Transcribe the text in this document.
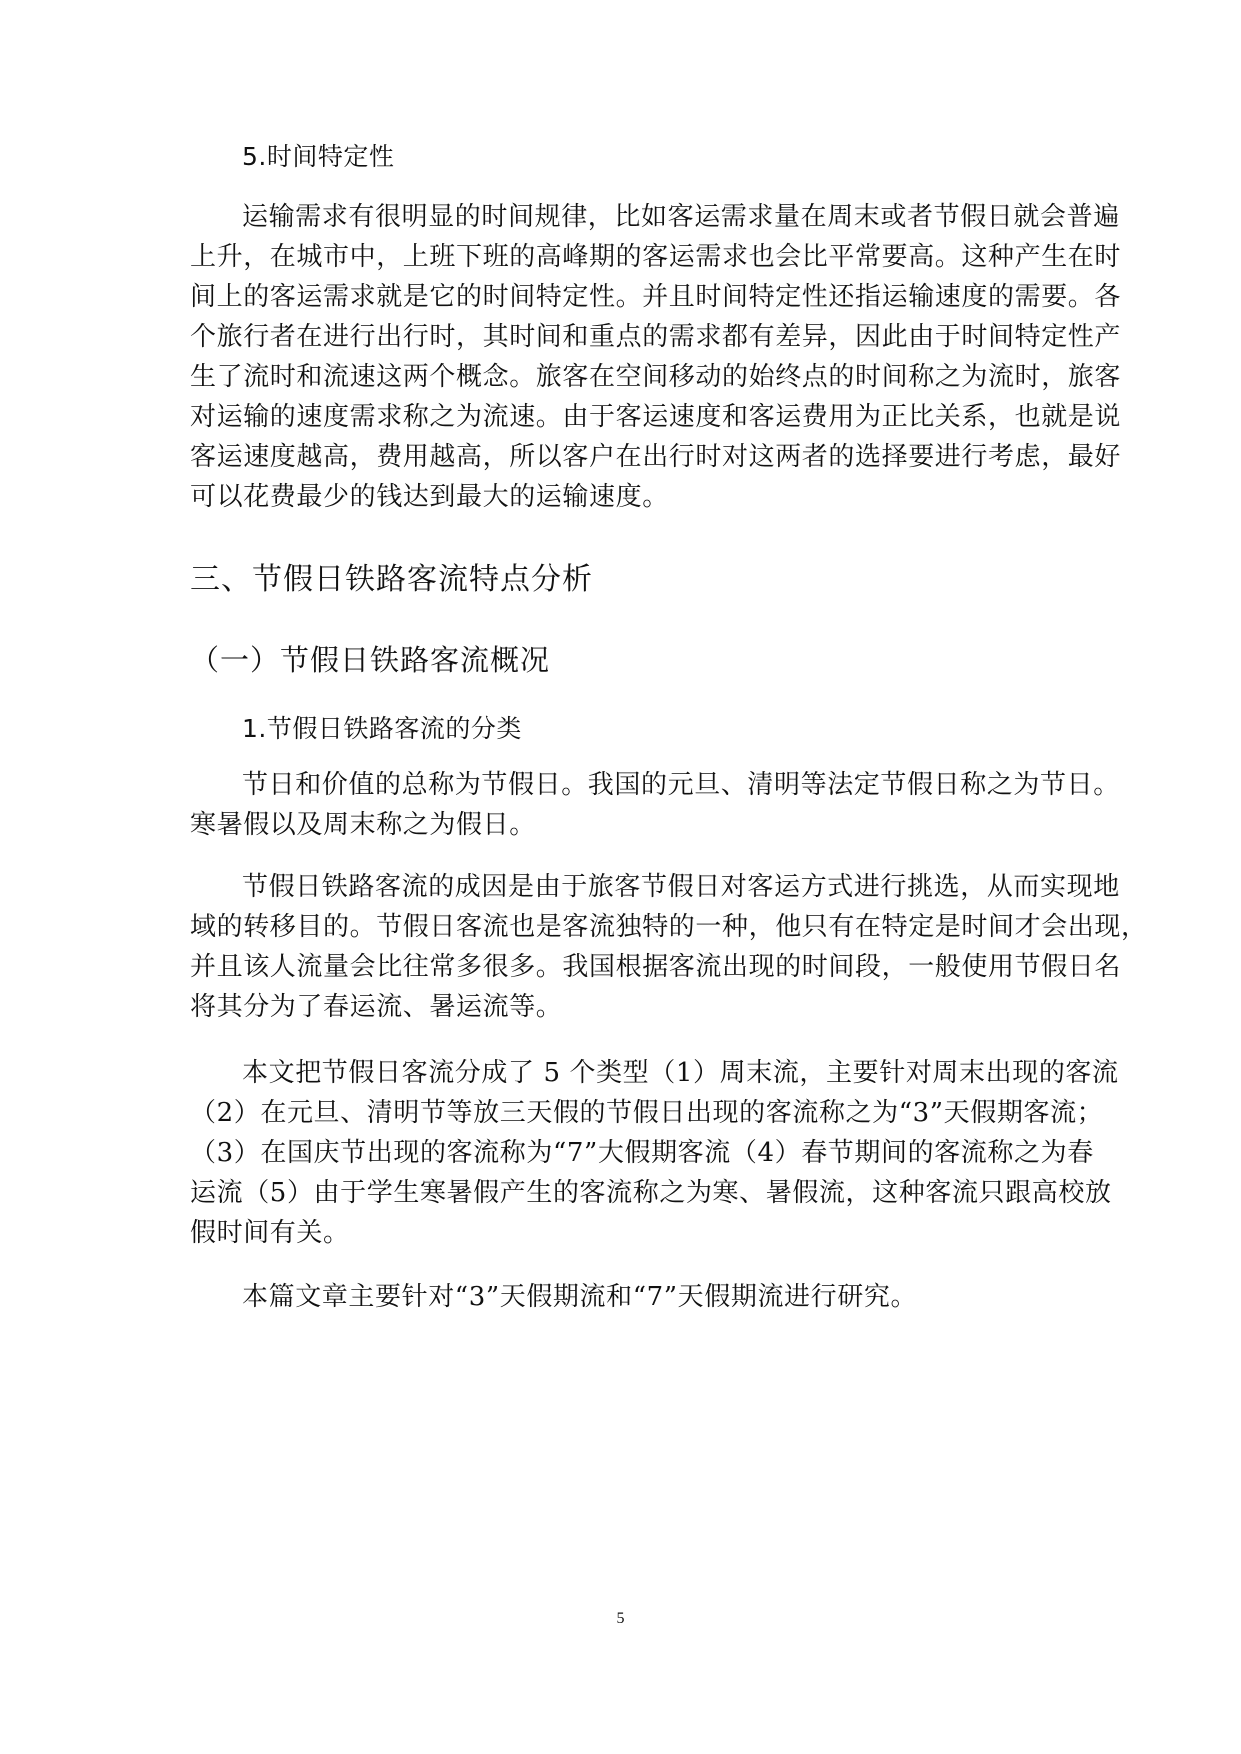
5.时间特定性
运输需求有很明显的时间规律，比如客运需求量在周末或者节假日就会普遍
上升，在城市中，上班下班的高峰期的客运需求也会比平常要高。这种产生在时
间上的客运需求就是它的时间特定性。并且时间特定性还指运输速度的需要。各
个旅行者在进行出行时，其时间和重点的需求都有差异，因此由于时间特定性产
生了流时和流速这两个概念。旅客在空间移动的始终点的时间称之为流时，旅客
对运输的速度需求称之为流速。由于客运速度和客运费用为正比关系，也就是说
客运速度越高，费用越高，所以客户在出行时对这两者的选择要进行考虑，最好
可以花费最少的钱达到最大的运输速度。
三、节假日铁路客流特点分析
（一）节假日铁路客流概况
1.节假日铁路客流的分类
节日和价值的总称为节假日。我国的元旦、清明等法定节假日称之为节日。
寒暑假以及周末称之为假日。
节假日铁路客流的成因是由于旅客节假日对客运方式进行挑选，从而实现地
域的转移目的。节假日客流也是客流独特的一种，他只有在特定是时间才会出现，
并且该人流量会比往常多很多。我国根据客流出现的时间段，一般使用节假日名
将其分为了春运流、暑运流等。
本文把节假日客流分成了 5 个类型（1）周末流，主要针对周末出现的客流
（2）在元旦、清明节等放三天假的节假日出现的客流称之为“3”天假期客流；
（3）在国庆节出现的客流称为“7”大假期客流（4）春节期间的客流称之为春
运流（5）由于学生寒暑假产生的客流称之为寒、暑假流，这种客流只跟高校放
假时间有关。
本篇文章主要针对“3”天假期流和“7”天假期流进行研究。
5
